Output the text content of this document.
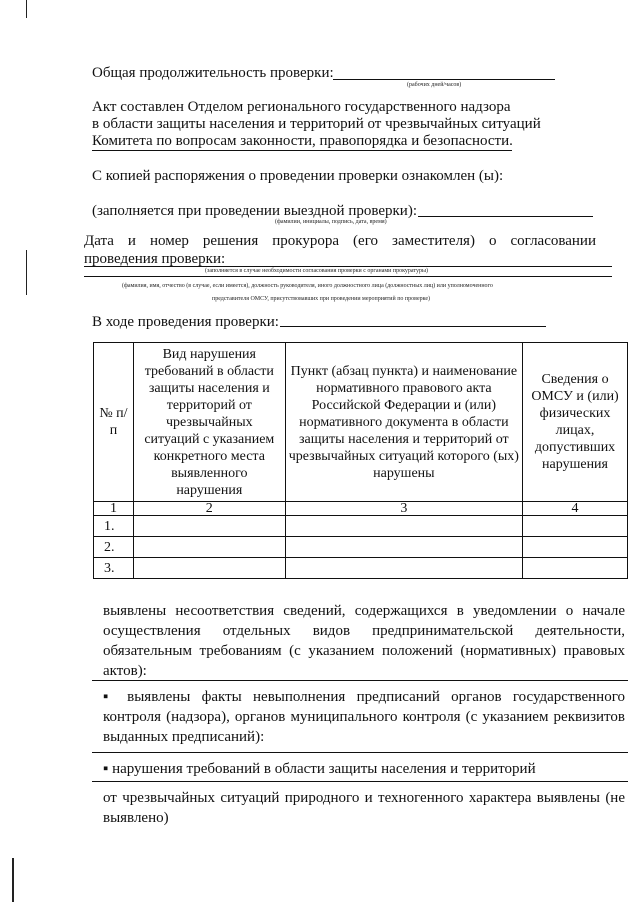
Общая продолжительность проверки:
(рабочих дней/часов)
Акт составлен Отделом регионального государственного надзора
в области защиты населения и территорий от чрезвычайных ситуаций
Комитета по вопросам законности, правопорядка и безопасности.
С копией распоряжения о проведении проверки ознакомлен (ы):
(заполняется при проведении выездной проверки):
(фамилии, инициалы, подпись, дата, время)
Дата и номер решения прокурора (его заместителя) о согласовании
проведения проверки:
(заполняется в случае необходимости согласования проверки с органами прокуратуры)
(фамилия, имя, отчество (в случае, если имеется), должность руководителя, иного должностного лица (должностных лиц) или уполномоченного
представителя ОМСУ, присутствовавших при проведении мероприятий по проверке)
В ходе проведения проверки:
№ п/п	Вид нарушения требований в области защиты населения и территорий от чрезвычайных ситуаций с указанием конкретного места выявленного нарушения	Пункт (абзац пункта) и наименование нормативного правового акта Российской Федерации и (или) нормативного документа в области защиты населения и территорий от чрезвычайных ситуаций которого (ых) нарушены	Сведения о ОМСУ и (или) физических лицах, допустивших нарушения
1	2	3	4
1.			
2.			
3.			
выявлены несоответствия сведений, содержащихся в уведомлении о начале осуществления отдельных видов предпринимательской деятельности, обязательным требованиям (с указанием положений (нормативных) правовых актов):
▪ выявлены факты невыполнения предписаний органов государственного контроля (надзора), органов муниципального контроля (с указанием реквизитов выданных предписаний):
▪ нарушения требований в области защиты населения и территорий
от чрезвычайных ситуаций природного и техногенного характера выявлены (не выявлено)
